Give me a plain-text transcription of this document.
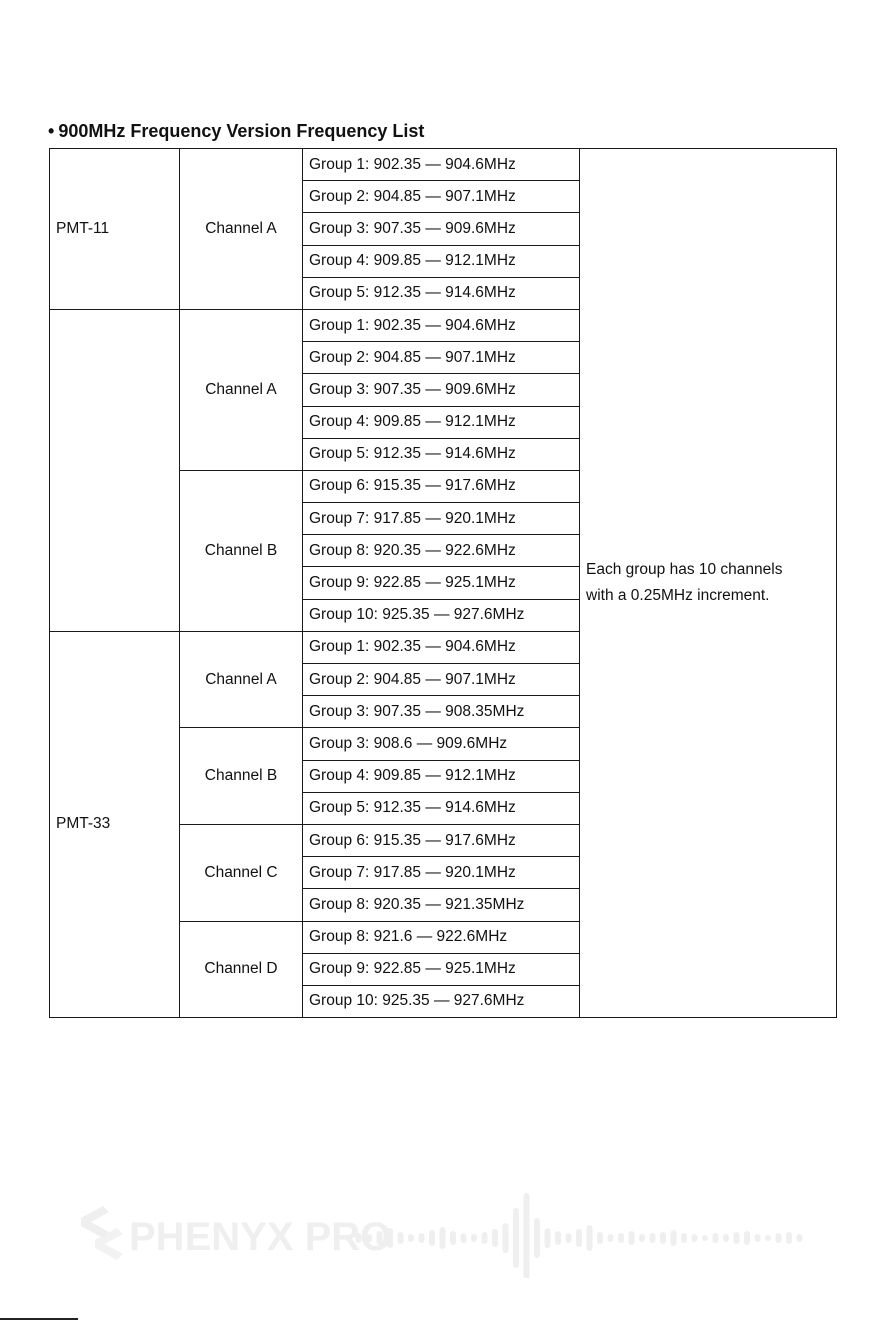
• 900MHz Frequency Version Frequency List
PMT-11	Channel A	Group 1: 902.35 — 904.6MHz	Each group has 10 channels
with a 0.25MHz increment.

		Group 2: 904.85 — 907.1MHz	
		Group 3: 907.35 — 909.6MHz	
		Group 4: 909.85 — 912.1MHz	
		Group 5: 912.35 — 914.6MHz	
	Channel A	Group 1: 902.35 — 904.6MHz	
		Group 2: 904.85 — 907.1MHz	
		Group 3: 907.35 — 909.6MHz	
		Group 4: 909.85 — 912.1MHz	
		Group 5: 912.35 — 914.6MHz	
	Channel B	Group 6: 915.35 — 917.6MHz	
		Group 7: 917.85 — 920.1MHz	
		Group 8: 920.35 — 922.6MHz	
		Group 9: 922.85 — 925.1MHz	
		Group 10: 925.35 — 927.6MHz	
PMT-33	Channel A	Group 1: 902.35 — 904.6MHz	
		Group 2: 904.85 — 907.1MHz	
		Group 3: 907.35 — 908.35MHz	
	Channel B	Group 3: 908.6 — 909.6MHz	
		Group 4: 909.85 — 912.1MHz	
		Group 5: 912.35 — 914.6MHz	
	Channel C	Group 6: 915.35 — 917.6MHz	
		Group 7: 917.85 — 920.1MHz	
		Group 8: 920.35 — 921.35MHz	
	Channel D	Group 8: 921.6 — 922.6MHz	
		Group 9: 922.85 — 925.1MHz	
		Group 10: 925.35 — 927.6MHz	
PHENYX PRO
